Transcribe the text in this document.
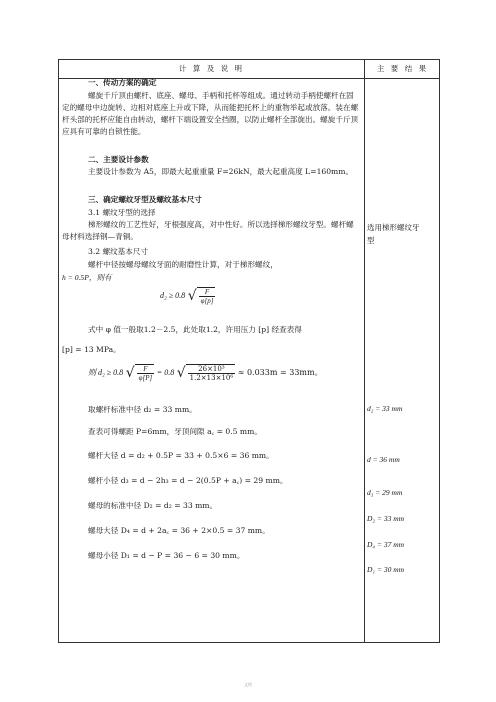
计 算 及 说 明	主 要 结 果
一、传动方案的确定
螺旋千斤顶由螺杆、底座、螺母、手柄和托杯等组成。通过转动手柄使螺杆在固定的螺母中边旋转、边相对底座上升或下降，从而能把托杯上的重物举起或放落。装在螺杆头部的托杯应能自由转动，螺杆下端设置安全挡圈，以防止螺杆全部旋出。螺旋千斤顶应具有可靠的自锁性能。
二、主要设计参数
主要设计参数为 A5，即最大起重重量 F=26kN，最大起重高度 L=160mm。
三、确定螺纹牙型及螺纹基本尺寸
3.1 螺纹牙型的选择
梯形螺纹的工艺性好，牙根强度高，对中性好。所以选择梯形螺纹牙型。螺杆螺母材料选择钢—青铜。
3.2 螺纹基本尺寸
螺杆中径按螺母螺纹牙面的耐磨性计算，对于梯形螺纹，
h = 0.5P，则有
d₂ ≥ 0.8 √ $\frac{F}{\varphi[p]}$
式中 φ 值一般取1.2－2.5，此处取1.2，许用压力 [p] 经查表得
[p] = 13 MPa。
则 d₂ ≥ 0.8 √ $\frac{F}{\varphi[P]} = 0.8$ √ $\frac{\text{26×10³}}{\text{1.2×13×10⁶}} \approx 0.033m = 33mm$。
取螺杆标准中径 d₂ = 33 mm。
查表可得螺距 P=6mm，牙顶间隙 a꜀ = 0.5 mm。
螺杆大径 d = d₂ + 0.5P = 33 + 0.5×6 = 36 mm。
螺杆小径 d₃ = d − 2h₃ = d − 2(0.5P + a꜀) = 29 mm。
螺母的标准中径 D₂ = d₂ = 33 mm。
螺母大径 D₄ = d + 2a꜀ = 36 + 2×0.5 = 37 mm。
螺母小径 D₁ = d − P = 36 − 6 = 30 mm。
选用梯形螺纹牙
型
d₂ = 33 mm
d = 36 mm
d₃ = 29 mm
D₂ = 33 mm
D₄ = 37 mm
D₁ = 30 mm
文档
